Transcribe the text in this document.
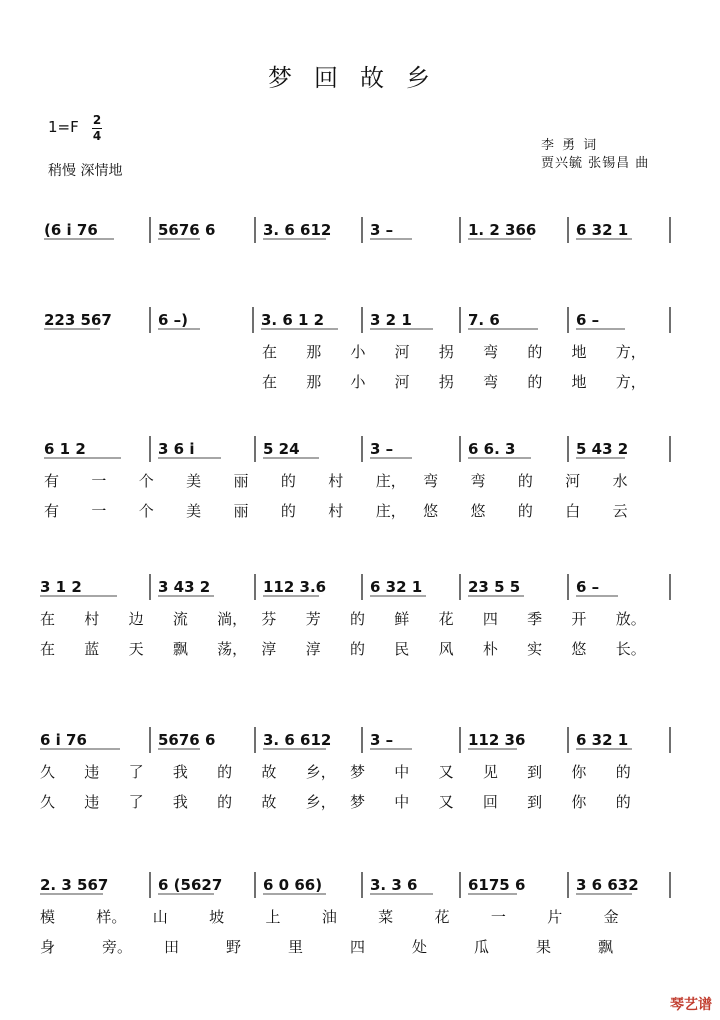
梦回故乡
1=F 2
4
稍慢 深情地
李 勇 词
贾兴毓 张锡昌 曲
(6 i 76	5676 6	3. 6 612	3 –	1. 2 366	6 32 1
223 567	6 –)	3. 6 1 2	3 2 1	7. 6	6 –
在 那 小 河 拐 弯 的 地 方，
在 那 小 河 拐 弯 的 地 方，
6 1 2	3 6 i	5 24	3 –	6 6. 3	5 43 2
有 一 个 美 丽 的 村 庄， 弯 弯 的 河 水
有 一 个 美 丽 的 村 庄， 悠 悠 的 白 云
3 1 2	3 43 2	112 3.6	6 32 1	23 5 5	6 –
在 村 边 流 淌， 芬 芳 的 鲜 花 四 季 开 放。
在 蓝 天 飘 荡， 淳 淳 的 民 风 朴 实 悠 长。
6 i 76	5676 6	3. 6 612	3 –	112 36	6 32 1
久 违 了 我 的 故 乡， 梦 中 又 见 到 你 的
久 违 了 我 的 故 乡， 梦 中 又 回 到 你 的
2. 3 567	6 (5627	6 0 66)	3. 3 6	6175 6	3 6 632
模	样。 山	坡	上	油	菜	花	一	片	金
身	旁。 田	野	里	四	处	瓜	果	飘
琴艺谱
